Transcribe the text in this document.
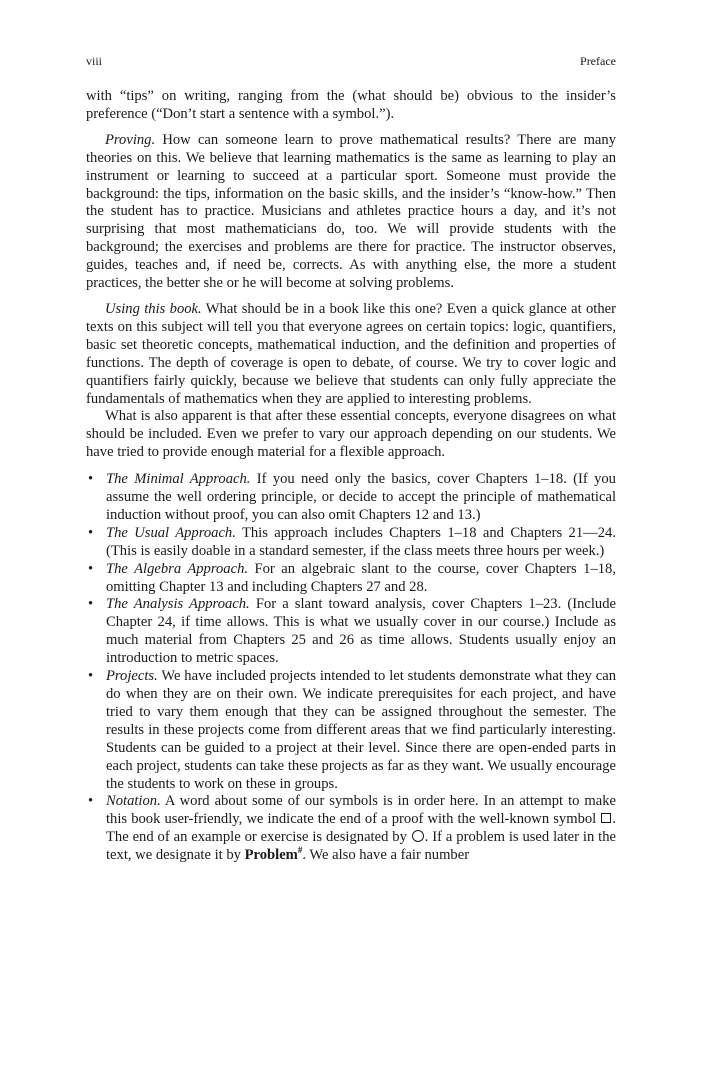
viii	Preface

with “tips” on writing, ranging from the (what should be) obvious to the insider’s preference (“Don’t start a sentence with a symbol.”).

Proving. How can someone learn to prove mathematical results? There are many theories on this. We believe that learning mathematics is the same as learning to play an instrument or learning to succeed at a particular sport. Someone must provide the background: the tips, information on the basic skills, and the insider’s “know-how.” Then the student has to practice. Musicians and athletes practice hours a day, and it’s not surprising that most mathematicians do, too. We will provide students with the background; the exercises and problems are there for practice. The instructor observes, guides, teaches and, if need be, corrects. As with anything else, the more a student practices, the better she or he will become at solving problems.

Using this book. What should be in a book like this one? Even a quick glance at other texts on this subject will tell you that everyone agrees on certain topics: logic, quantifiers, basic set theoretic concepts, mathematical induction, and the definition and properties of functions. The depth of coverage is open to debate, of course. We try to cover logic and quantifiers fairly quickly, because we believe that students can only fully appreciate the fundamentals of mathematics when they are applied to interesting problems.

What is also apparent is that after these essential concepts, everyone disagrees on what should be included. Even we prefer to vary our approach depending on our students. We have tried to provide enough material for a flexible approach.

• The Minimal Approach. If you need only the basics, cover Chapters 1–18. (If you assume the well ordering principle, or decide to accept the principle of mathematical induction without proof, you can also omit Chapters 12 and 13.)
• The Usual Approach. This approach includes Chapters 1–18 and Chapters 21—24. (This is easily doable in a standard semester, if the class meets three hours per week.)
• The Algebra Approach. For an algebraic slant to the course, cover Chapters 1–18, omitting Chapter 13 and including Chapters 27 and 28.
• The Analysis Approach. For a slant toward analysis, cover Chapters 1–23. (Include Chapter 24, if time allows. This is what we usually cover in our course.) Include as much material from Chapters 25 and 26 as time allows. Students usually enjoy an introduction to metric spaces.
• Projects. We have included projects intended to let students demonstrate what they can do when they are on their own. We indicate prerequisites for each project, and have tried to vary them enough that they can be assigned throughout the semester. The results in these projects come from different areas that we find particularly interesting. Students can be guided to a project at their level. Since there are open-ended parts in each project, students can take these projects as far as they want. We usually encourage the students to work on these in groups.
• Notation. A word about some of our symbols is in order here. In an attempt to make this book user-friendly, we indicate the end of a proof with the well-known symbol . The end of an example or exercise is designated by . If a problem is used later in the text, we designate it by Problem#. We also have a fair number
